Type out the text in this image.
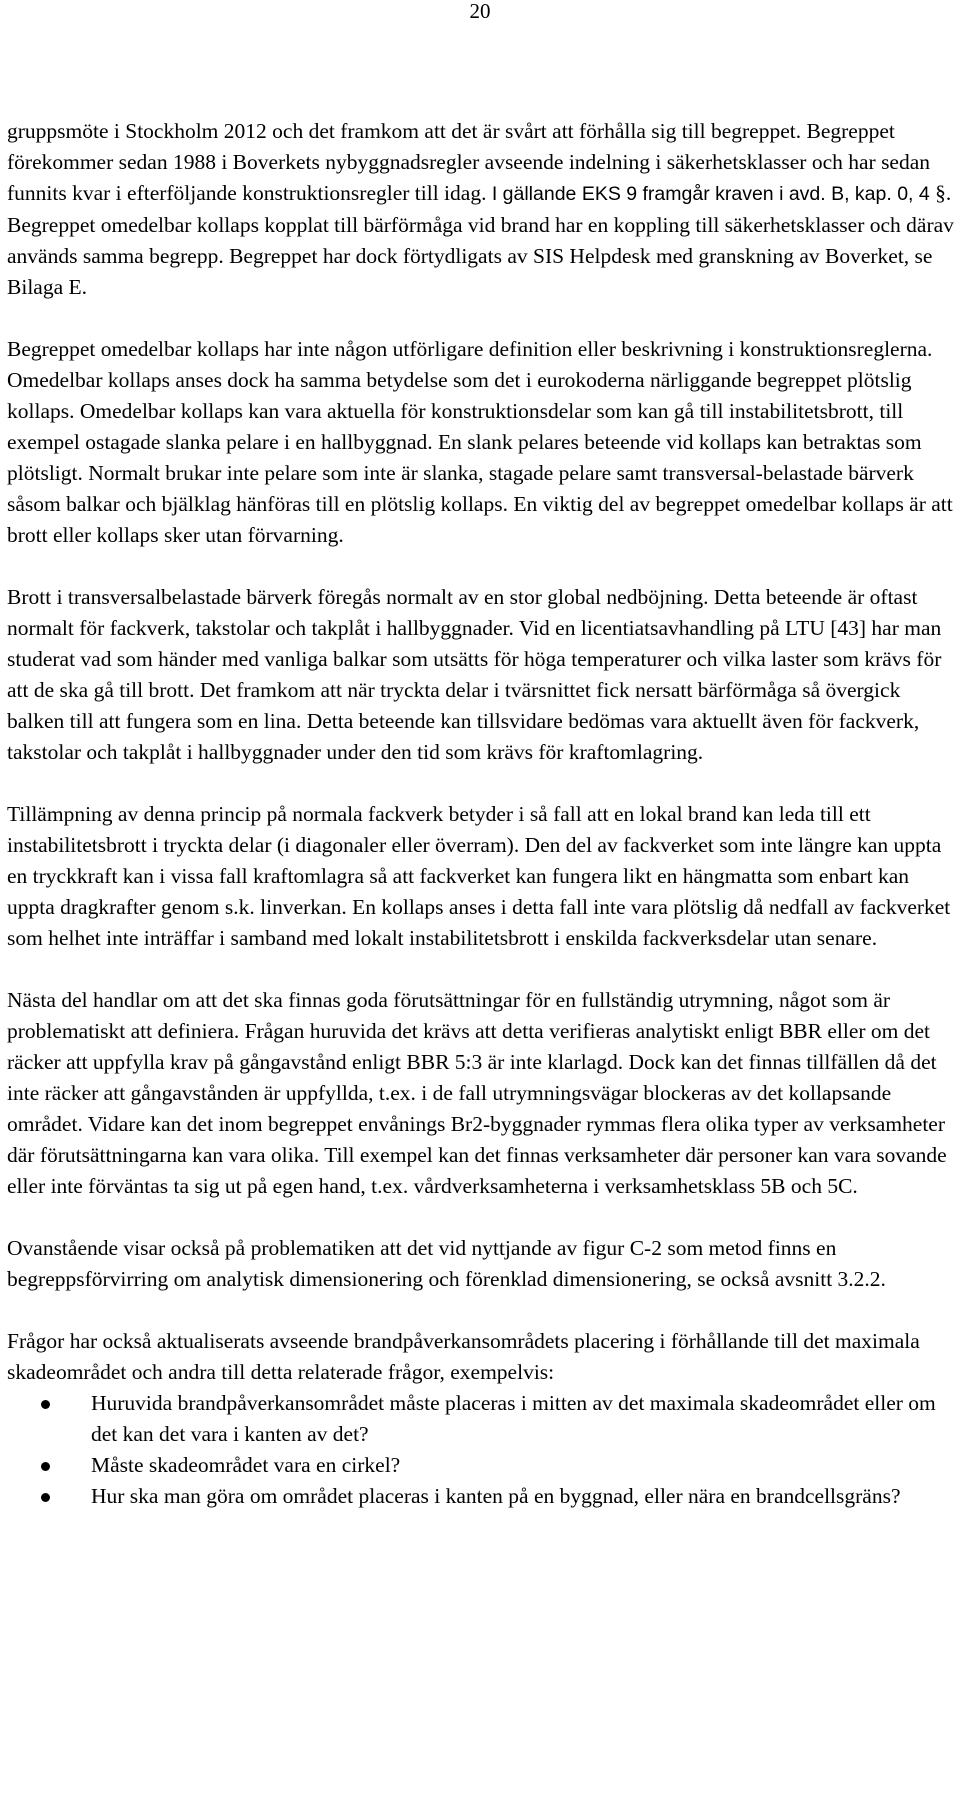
20

gruppsmöte i Stockholm 2012 och det framkom att det är svårt att förhålla sig till begreppet. Begreppet förekommer sedan 1988 i Boverkets nybyggnadsregler avseende indelning i säkerhetsklasser och har sedan funnits kvar i efterföljande konstruktionsregler till idag. I gällande EKS 9 framgår kraven i avd. B, kap. 0, 4 §. Begreppet omedelbar kollaps kopplat till bärförmåga vid brand har en koppling till säkerhetsklasser och därav används samma begrepp. Begreppet har dock förtydligats av SIS Helpdesk med granskning av Boverket, se Bilaga E.

Begreppet omedelbar kollaps har inte någon utförligare definition eller beskrivning i konstruktionsreglerna. Omedelbar kollaps anses dock ha samma betydelse som det i eurokoderna närliggande begreppet plötslig kollaps. Omedelbar kollaps kan vara aktuella för konstruktionsdelar som kan gå till instabilitetsbrott, till exempel ostagade slanka pelare i en hallbyggnad. En slank pelares beteende vid kollaps kan betraktas som plötsligt. Normalt brukar inte pelare som inte är slanka, stagade pelare samt transversal-belastade bärverk såsom balkar och bjälklag hänföras till en plötslig kollaps. En viktig del av begreppet omedelbar kollaps är att brott eller kollaps sker utan förvarning.

Brott i transversalbelastade bärverk föregås normalt av en stor global nedböjning. Detta beteende är oftast normalt för fackverk, takstolar och takplåt i hallbyggnader. Vid en licentiatsavhandling på LTU [43] har man studerat vad som händer med vanliga balkar som utsätts för höga temperaturer och vilka laster som krävs för att de ska gå till brott. Det framkom att när tryckta delar i tvärsnittet fick nersatt bärförmåga så övergick balken till att fungera som en lina. Detta beteende kan tillsvidare bedömas vara aktuellt även för fackverk, takstolar och takplåt i hallbyggnader under den tid som krävs för kraftomlagring.

Tillämpning av denna princip på normala fackverk betyder i så fall att en lokal brand kan leda till ett instabilitetsbrott i tryckta delar (i diagonaler eller överram). Den del av fackverket som inte längre kan uppta en tryckkraft kan i vissa fall kraftomlagra så att fackverket kan fungera likt en hängmatta som enbart kan uppta dragkrafter genom s.k. linverkan. En kollaps anses i detta fall inte vara plötslig då nedfall av fackverket som helhet inte inträffar i samband med lokalt instabilitetsbrott i enskilda fackverksdelar utan senare.

Nästa del handlar om att det ska finnas goda förutsättningar för en fullständig utrymning, något som är problematiskt att definiera. Frågan huruvida det krävs att detta verifieras analytiskt enligt BBR eller om det räcker att uppfylla krav på gångavstånd enligt BBR 5:3 är inte klarlagd. Dock kan det finnas tillfällen då det inte räcker att gångavstånden är uppfyllda, t.ex. i de fall utrymningsvägar blockeras av det kollapsande området. Vidare kan det inom begreppet envånings Br2-byggnader rymmas flera olika typer av verksamheter där förutsättningarna kan vara olika. Till exempel kan det finnas verksamheter där personer kan vara sovande eller inte förväntas ta sig ut på egen hand, t.ex. vårdverksamheterna i verksamhetsklass 5B och 5C.

Ovanstående visar också på problematiken att det vid nyttjande av figur C-2 som metod finns en begreppsförvirring om analytisk dimensionering och förenklad dimensionering, se också avsnitt 3.2.2.

Frågor har också aktualiserats avseende brandpåverkansområdets placering i förhållande till det maximala skadeområdet och andra till detta relaterade frågor, exempelvis:

Huruvida brandpåverkansområdet måste placeras i mitten av det maximala skadeområdet eller om det kan det vara i kanten av det?
Måste skadeområdet vara en cirkel?
Hur ska man göra om området placeras i kanten på en byggnad, eller nära en brandcellsgräns?
